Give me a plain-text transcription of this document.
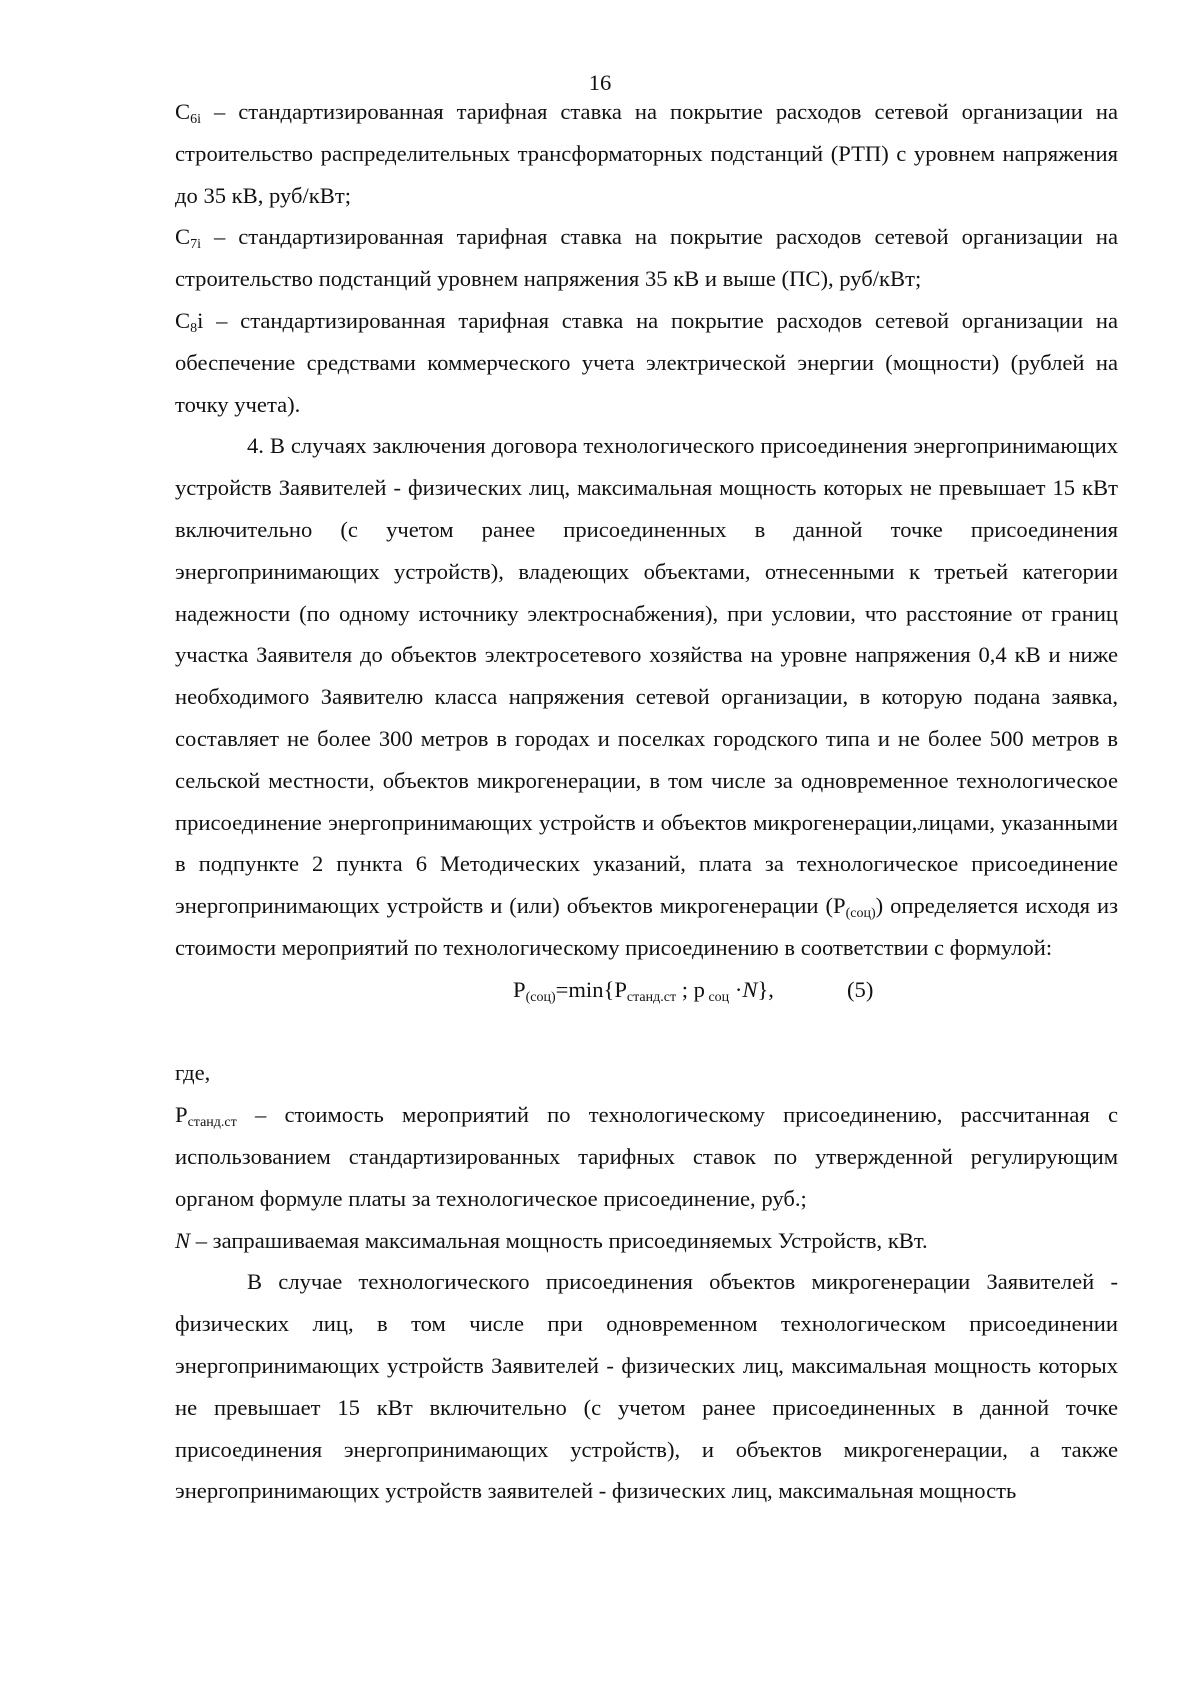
16

$C_{6i}$ – стандартизированная тарифная ставка на покрытие расходов сетевой организации на строительство распределительных трансформаторных подстанций (РТП) с уровнем напряжения до 35 кВ, руб/кВт;

$C_{7i}$ – стандартизированная тарифная ставка на покрытие расходов сетевой организации на строительство подстанций уровнем напряжения 35 кВ и выше (ПС), руб/кВт;

$C_8i$ – стандартизированная тарифная ставка на покрытие расходов сетевой организации на обеспечение средствами коммерческого учета электрической энергии (мощности) (рублей на точку учета).

4. В случаях заключения договора технологического присоединения энергопринимающих устройств Заявителей - физических лиц, максимальная мощность которых не превышает 15 кВт включительно (с учетом ранее присоединенных в данной точке присоединения энергопринимающих устройств), владеющих объектами, отнесенными к третьей категории надежности (по одному источнику электроснабжения), при условии, что расстояние от границ участка Заявителя до объектов электросетевого хозяйства на уровне напряжения 0,4 кВ и ниже необходимого Заявителю класса напряжения сетевой организации, в которую подана заявка, составляет не более 300 метров в городах и поселках городского типа и не более 500 метров в сельской местности, объектов микрогенерации, в том числе за одновременное технологическое присоединение энергопринимающих устройств и объектов микрогенерации,лицами, указанными в подпункте 2 пункта 6 Методических указаний, плата за технологическое присоединение энергопринимающих устройств и (или) объектов микрогенерации $(P_{(соц)})$ определяется исходя из стоимости мероприятий по технологическому присоединению в соответствии с формулой:

$P_{(соц)}=\min\{P_{станд.ст}$ ; p $_{соц}$ ·N},	(5)

где,

$P_{станд.ст}$ – стоимость мероприятий по технологическому присоединению, рассчитанная с использованием стандартизированных тарифных ставок по утвержденной регулирующим органом формуле платы за технологическое присоединение, руб.;

N – запрашиваемая максимальная мощность присоединяемых Устройств, кВт.

В случае технологического присоединения объектов микрогенерации Заявителей - физических лиц, в том числе при одновременном технологическом присоединении энергопринимающих устройств Заявителей - физических лиц, максимальная мощность которых не превышает 15 кВт включительно (с учетом ранее присоединенных в данной точке присоединения энергопринимающих устройств), и объектов микрогенерации, а также энергопринимающих устройств заявителей - физических лиц, максимальная мощность
